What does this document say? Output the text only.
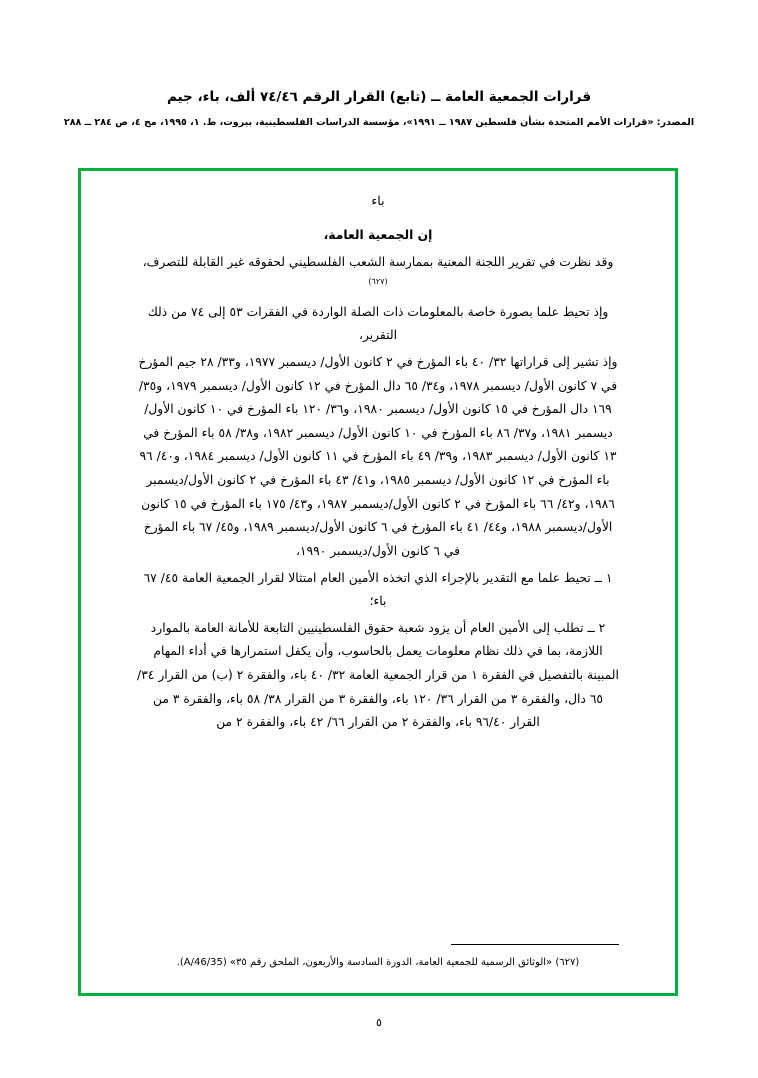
قرارات الجمعية العامة ــ (تابع) القرار الرقم ٧٤/٤٦ ألف، باء، جيم
المصدر: «قرارات الأمم المتحدة بشأن فلسطين ١٩٨٧ ــ ١٩٩١»، مؤسسة الدراسات الفلسطينية، بيروت، ط. ١، ١٩٩٥، مج ٤، ص ٢٨٤ ــ ٢٨٨
باء

إن الجمعية العامة،

وقد نظرت في تقرير اللجنة المعنية بممارسة الشعب الفلسطيني لحقوقه غير القابلة للتصرف،$^{(٦٢٧)}$

وإذ تحيط علما بصورة خاصة بالمعلومات ذات الصلة الواردة في الفقرات ٥٣ إلى ٧٤ من ذلك التقرير،

وإذ تشير إلى قراراتها ٣٢/ ٤٠ باء المؤرخ في ٢ كانون الأول/ ديسمبر ١٩٧٧، و٣٣/ ٢٨ جيم المؤرخ في ٧ كانون الأول/ ديسمبر ١٩٧٨، و٣٤/ ٦٥ دال المؤرخ في ١٢ كانون الأول/ ديسمبر ١٩٧٩، و٣٥/ ١٦٩ دال المؤرخ في ١٥ كانون الأول/ ديسمبر ١٩٨٠، و٣٦/ ١٢٠ باء المؤرخ في ١٠ كانون الأول/ ديسمبر ١٩٨١، و٣٧/ ٨٦ باء المؤرخ في ١٠ كانون الأول/ ديسمبر ١٩٨٢، و٣٨/ ٥٨ باء المؤرخ في ١٣ كانون الأول/ ديسمبر ١٩٨٣، و٣٩/ ٤٩ باء المؤرخ في ١١ كانون الأول/ ديسمبر ١٩٨٤، و٤٠/ ٩٦ باء المؤرخ في ١٢ كانون الأول/ ديسمبر ١٩٨٥، و٤١/ ٤٣ باء المؤرخ في ٢ كانون الأول/ديسمبر ١٩٨٦، و٤٢/ ٦٦ باء المؤرخ في ٢ كانون الأول/ديسمبر ١٩٨٧، و٤٣/ ١٧٥ باء المؤرخ في ١٥ كانون الأول/ديسمبر ١٩٨٨، و٤٤/ ٤١ باء المؤرخ في ٦ كانون الأول/ديسمبر ١٩٨٩، و٤٥/ ٦٧ باء المؤرخ في ٦ كانون الأول/ديسمبر ١٩٩٠،

١ ــ تحيط علما مع التقدير بالإجراء الذي اتخذه الأمين العام امتثالا لقرار الجمعية العامة ٤٥/ ٦٧ باء؛

٢ ــ تطلب إلى الأمين العام أن يزود شعبة حقوق الفلسطينيين التابعة للأمانة العامة بالموارد اللازمة، بما في ذلك نظام معلومات يعمل بالحاسوب، وأن يكفل استمرارها في أداء المهام المبينة بالتفصيل في الفقرة ١ من قرار الجمعية العامة ٣٢/ ٤٠ باء، والفقرة ٢ (ب) من القرار ٣٤/ ٦٥ دال، والفقرة ٣ من القرار ٣٦/ ١٢٠ باء، والفقرة ٣ من القرار ٣٨/ ٥٨ باء، والفقرة ٣ من القرار ٩٦/٤٠ باء، والفقرة ٢ من القرار ٦٦/ ٤٢ باء، والفقرة ٢ من

(٦٢٧) «الوثائق الرسمية للجمعية العامة، الدورة السادسة والأربعون، الملحق رقم ٣٥» (A/46/35).

٥
